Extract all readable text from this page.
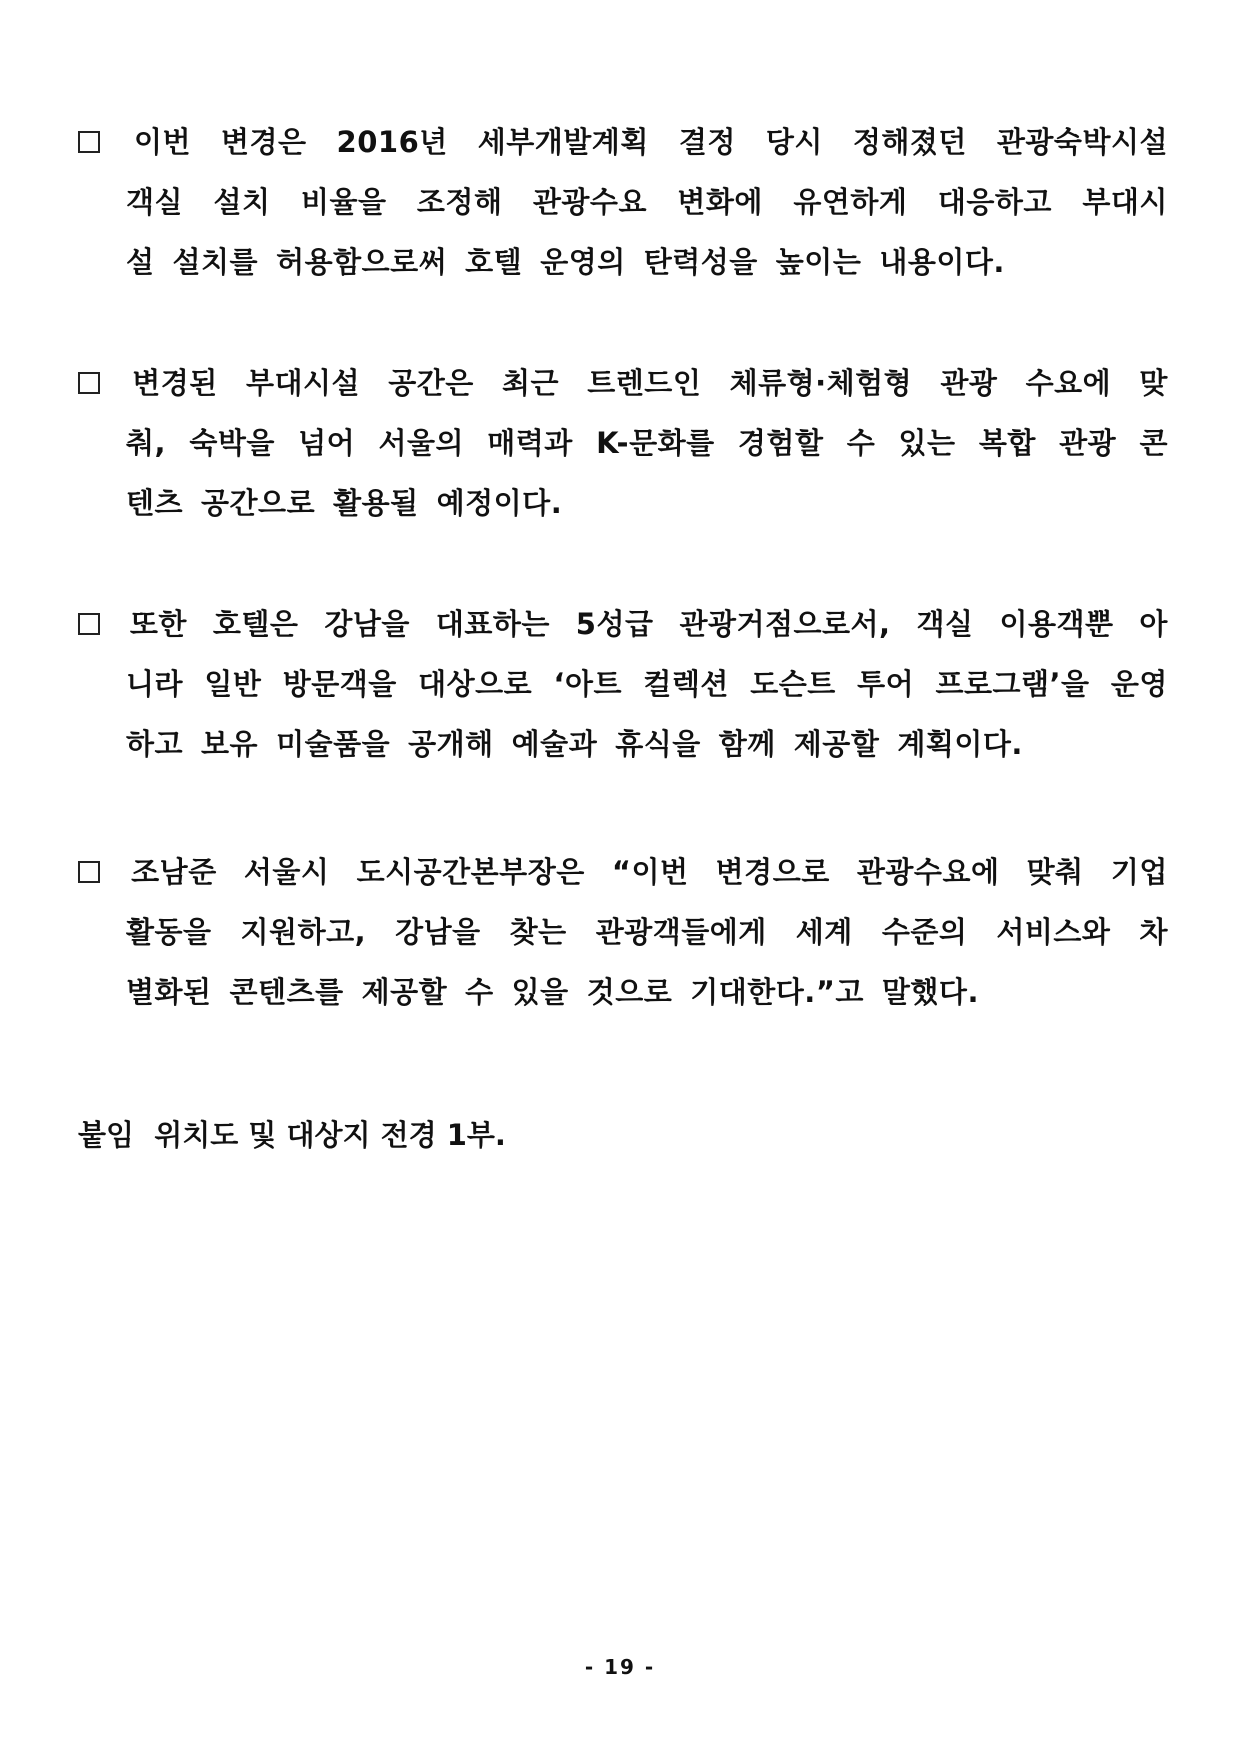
이번 변경은 2016년 세부개발계획 결정 당시 정해졌던 관광숙박시설
객실 설치 비율을 조정해 관광수요 변화에 유연하게 대응하고 부대시
설 설치를 허용함으로써 호텔 운영의 탄력성을 높이는 내용이다.
변경된 부대시설 공간은 최근 트렌드인 체류형·체험형 관광 수요에 맞
춰, 숙박을 넘어 서울의 매력과 K-문화를 경험할 수 있는 복합 관광 콘
텐츠 공간으로 활용될 예정이다.
또한 호텔은 강남을 대표하는 5성급 관광거점으로서, 객실 이용객뿐 아
니라 일반 방문객을 대상으로 ‘아트 컬렉션 도슨트 투어 프로그램’을 운영
하고 보유 미술품을 공개해 예술과 휴식을 함께 제공할 계획이다.
조남준 서울시 도시공간본부장은 “이번 변경으로 관광수요에 맞춰 기업
활동을 지원하고, 강남을 찾는 관광객들에게 세계 수준의 서비스와 차
별화된 콘텐츠를 제공할 수 있을 것으로 기대한다.”고 말했다.
붙임  위치도 및 대상지 전경 1부.
- 19 -
